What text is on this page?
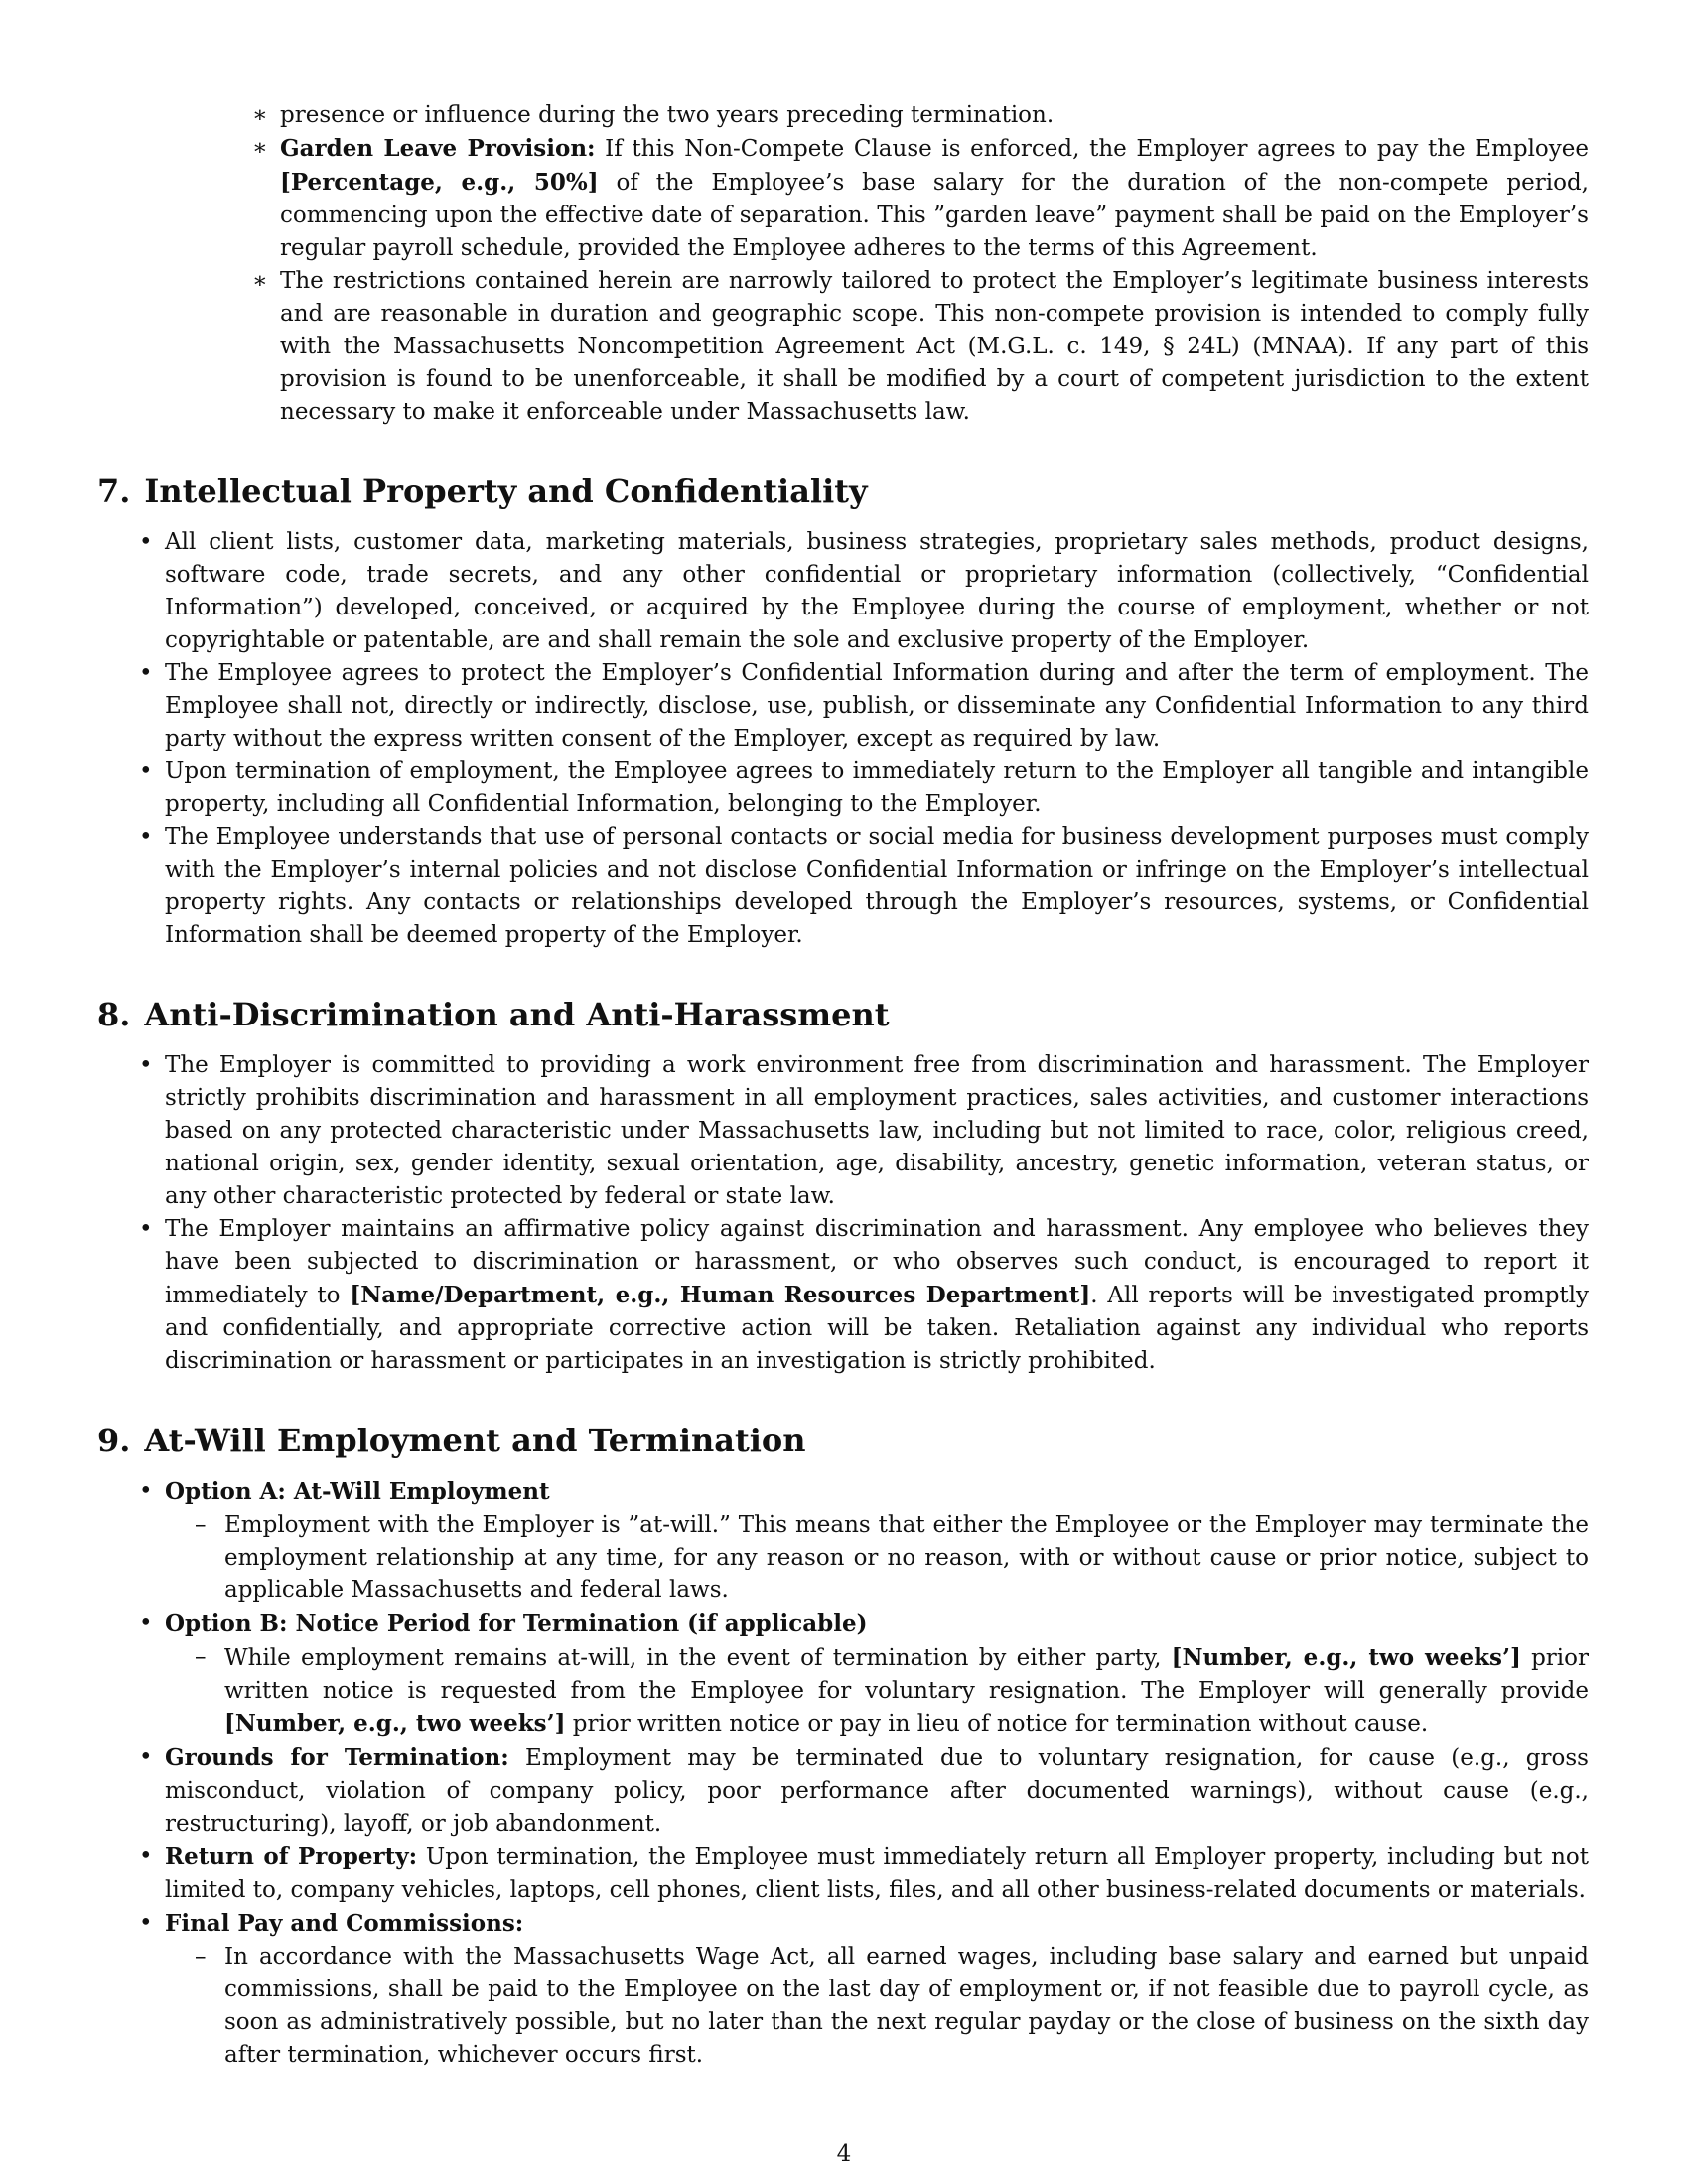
∗ presence or influence during the two years preceding termination.
∗ Garden Leave Provision: If this Non-Compete Clause is enforced, the Employer agrees to pay the Employee [Percentage, e.g., 50%] of the Employee’s base salary for the duration of the non-compete period, commencing upon the effective date of separation. This ”garden leave” payment shall be paid on the Employer’s regular payroll schedule, provided the Employee adheres to the terms of this Agreement.
∗ The restrictions contained herein are narrowly tailored to protect the Employer’s legitimate business interests and are reasonable in duration and geographic scope. This non-compete provision is intended to comply fully with the Massachusetts Noncompetition Agreement Act (M.G.L. c. 149, § 24L) (MNAA). If any part of this provision is found to be unenforceable, it shall be modified by a court of competent jurisdiction to the extent necessary to make it enforceable under Massachusetts law.
7. Intellectual Property and Confidentiality
• All client lists, customer data, marketing materials, business strategies, proprietary sales methods, product designs, software code, trade secrets, and any other confidential or proprietary information (collectively, “Confidential Information”) developed, conceived, or acquired by the Employee during the course of employment, whether or not copyrightable or patentable, are and shall remain the sole and exclusive property of the Employer.
• The Employee agrees to protect the Employer’s Confidential Information during and after the term of employment. The Employee shall not, directly or indirectly, disclose, use, publish, or disseminate any Confidential Information to any third party without the express written consent of the Employer, except as required by law.
• Upon termination of employment, the Employee agrees to immediately return to the Employer all tangible and intangible property, including all Confidential Information, belonging to the Employer.
• The Employee understands that use of personal contacts or social media for business development purposes must comply with the Employer’s internal policies and not disclose Confidential Information or infringe on the Employer’s intellectual property rights. Any contacts or relationships developed through the Employer’s resources, systems, or Confidential Information shall be deemed property of the Employer.
8. Anti-Discrimination and Anti-Harassment
• The Employer is committed to providing a work environment free from discrimination and harassment. The Employer strictly prohibits discrimination and harassment in all employment practices, sales activities, and customer interactions based on any protected characteristic under Massachusetts law, including but not limited to race, color, religious creed, national origin, sex, gender identity, sexual orientation, age, disability, ancestry, genetic information, veteran status, or any other characteristic protected by federal or state law.
• The Employer maintains an affirmative policy against discrimination and harassment. Any employee who believes they have been subjected to discrimination or harassment, or who observes such conduct, is encouraged to report it immediately to [Name/Department, e.g., Human Resources Department]. All reports will be investigated promptly and confidentially, and appropriate corrective action will be taken. Retaliation against any individual who reports discrimination or harassment or participates in an investigation is strictly prohibited.
9. At-Will Employment and Termination
• Option A: At-Will Employment
– Employment with the Employer is ”at-will.” This means that either the Employee or the Employer may terminate the employment relationship at any time, for any reason or no reason, with or without cause or prior notice, subject to applicable Massachusetts and federal laws.
• Option B: Notice Period for Termination (if applicable)
– While employment remains at-will, in the event of termination by either party, [Number, e.g., two weeks’] prior written notice is requested from the Employee for voluntary resignation. The Employer will generally provide [Number, e.g., two weeks’] prior written notice or pay in lieu of notice for termination without cause.
• Grounds for Termination: Employment may be terminated due to voluntary resignation, for cause (e.g., gross misconduct, violation of company policy, poor performance after documented warnings), without cause (e.g., restructuring), layoff, or job abandonment.
• Return of Property: Upon termination, the Employee must immediately return all Employer property, including but not limited to, company vehicles, laptops, cell phones, client lists, files, and all other business-related documents or materials.
• Final Pay and Commissions:
– In accordance with the Massachusetts Wage Act, all earned wages, including base salary and earned but unpaid commissions, shall be paid to the Employee on the last day of employment or, if not feasible due to payroll cycle, as soon as administratively possible, but no later than the next regular payday or the close of business on the sixth day after termination, whichever occurs first.
4
